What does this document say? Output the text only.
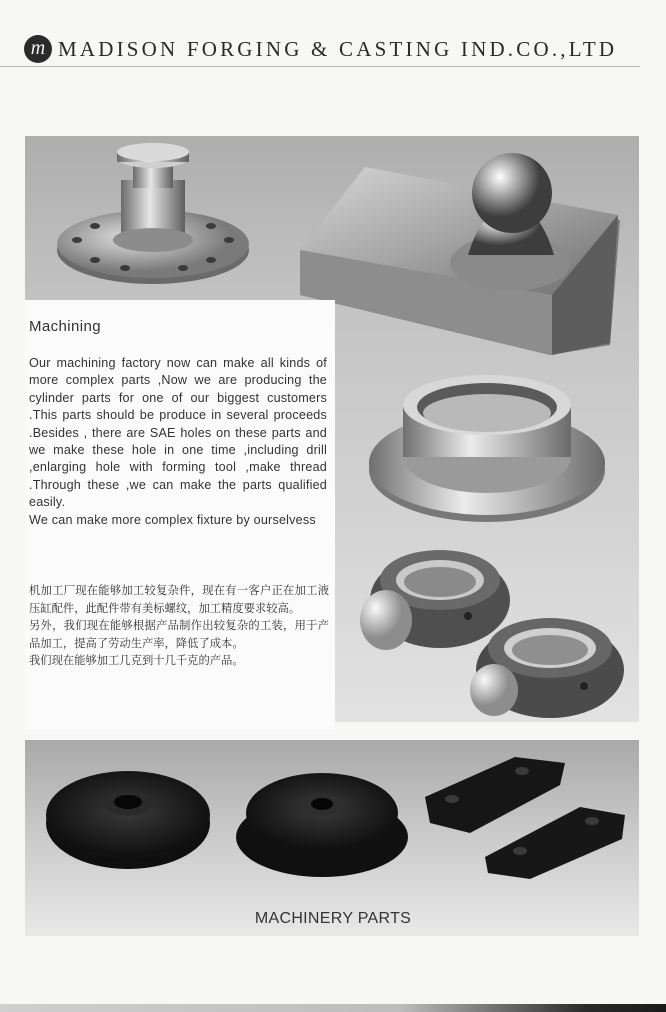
m MADISON FORGING & CASTING IND.CO.,LTD
Machining

Our machining factory now can make all kinds of more complex parts ,Now we are producing the cylinder parts for one of our biggest customers .This parts should be produce in several proceeds .Besides , there are SAE holes on these parts and we make these hole in one time ,including drill ,enlarging hole with forming tool ,make thread .Through these ,we can make the parts qualified easily.

We can make more complex fixture by ourselvess

机加工厂现在能够加工较复杂件，现在有一客户正在加工液压缸配件，此配件带有美标螺纹，加工精度要求较高。

另外，我们现在能够根据产品制作出较复杂的工装，用于产品加工，提高了劳动生产率，降低了成本。

我们现在能够加工几克到十几千克的产品。

MACHINERY PARTS
